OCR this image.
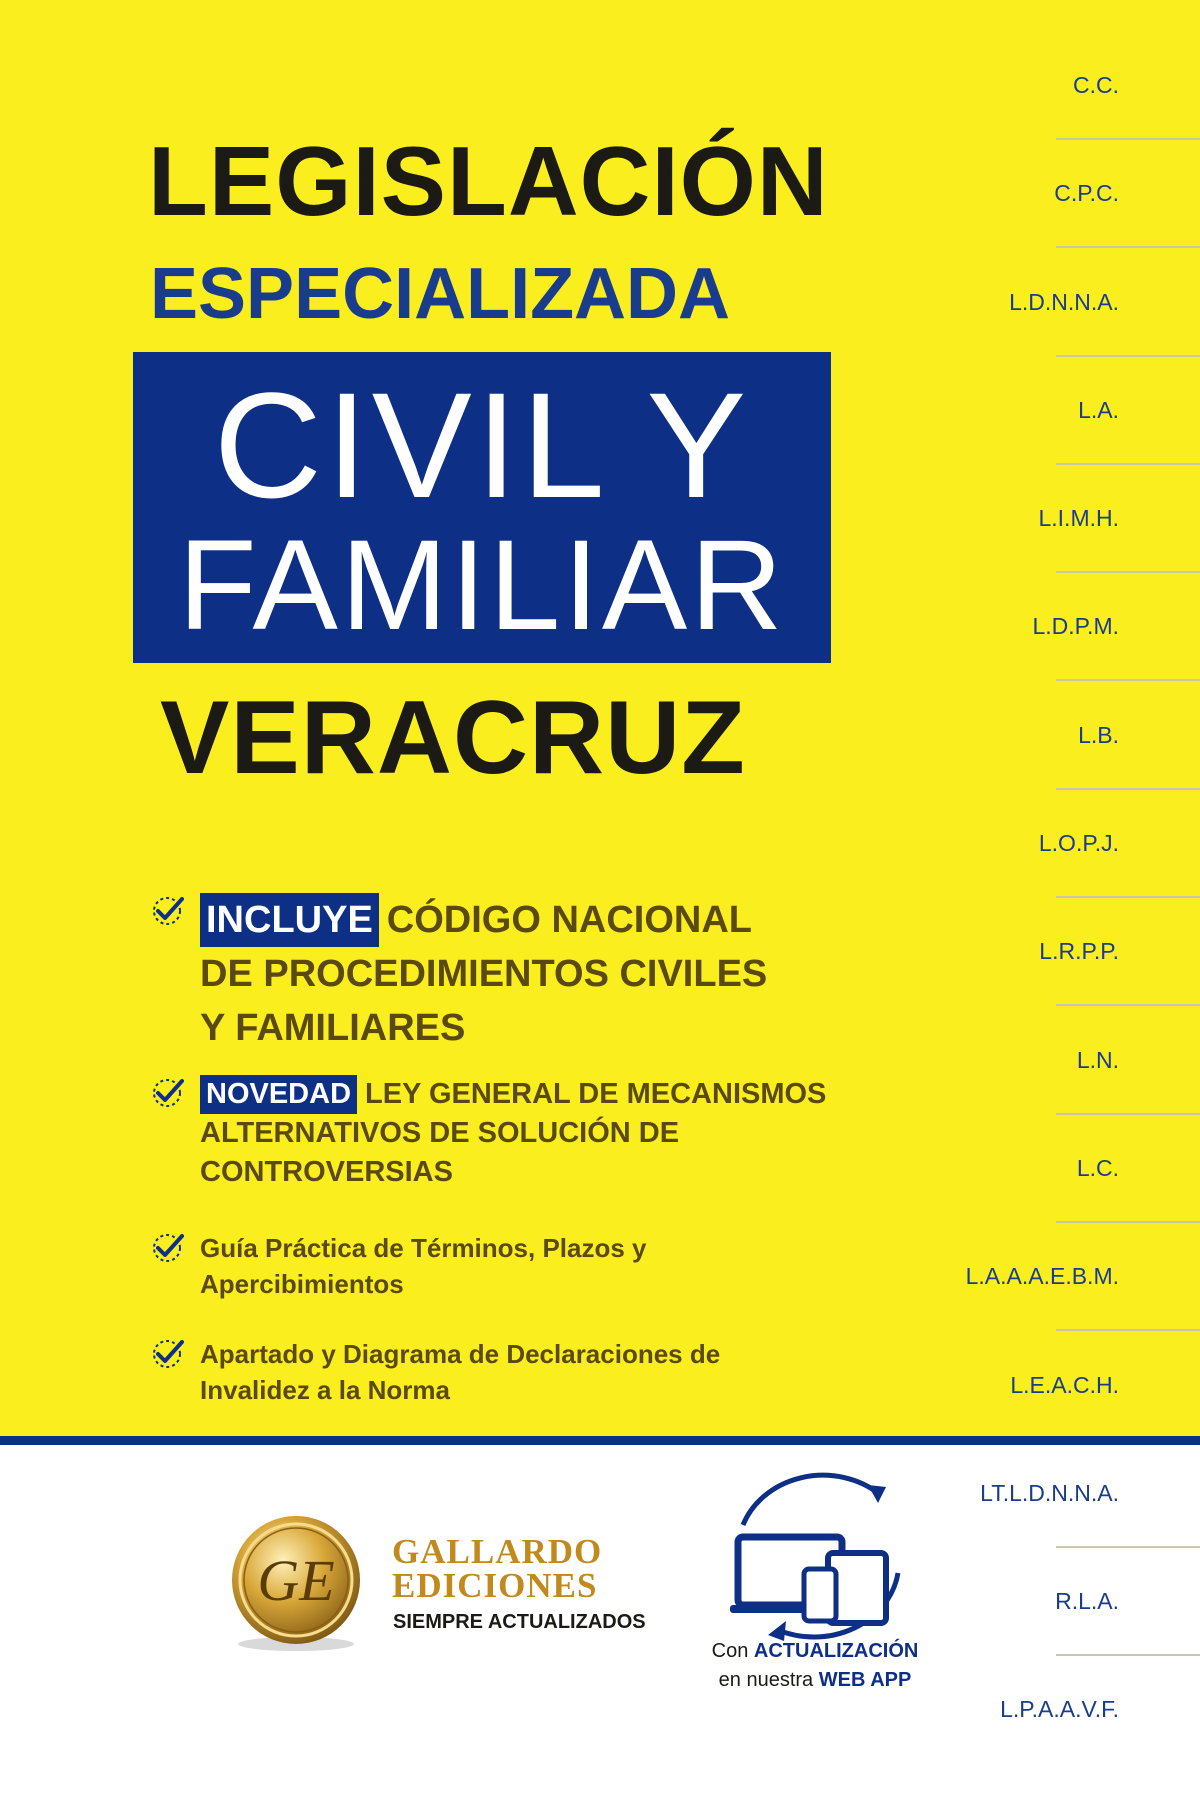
LEGISLACIÓN
ESPECIALIZADA
CIVIL Y
FAMILIAR
VERACRUZ
INCLUYE CÓDIGO NACIONAL
DE PROCEDIMIENTOS CIVILES
Y FAMILIARES
NOVEDAD LEY GENERAL DE MECANISMOS
ALTERNATIVOS DE SOLUCIÓN DE
CONTROVERSIAS
Guía Práctica de Términos, Plazos y
Apercibimientos
Apartado y Diagrama de Declaraciones de
Invalidez a la Norma
C.C.
C.P.C.
L.D.N.N.A.
L.A.
L.I.M.H.
L.D.P.M.
L.B.
L.O.P.J.
L.R.P.P.
L.N.
L.C.
L.A.A.A.E.B.M.
L.E.A.C.H.
LT.L.D.N.N.A.
R.L.A.
L.P.A.A.V.F.
GE GALLARDO
EDICIONES
SIEMPRE ACTUALIZADOS
Con ACTUALIZACIÓN
en nuestra WEB APP
